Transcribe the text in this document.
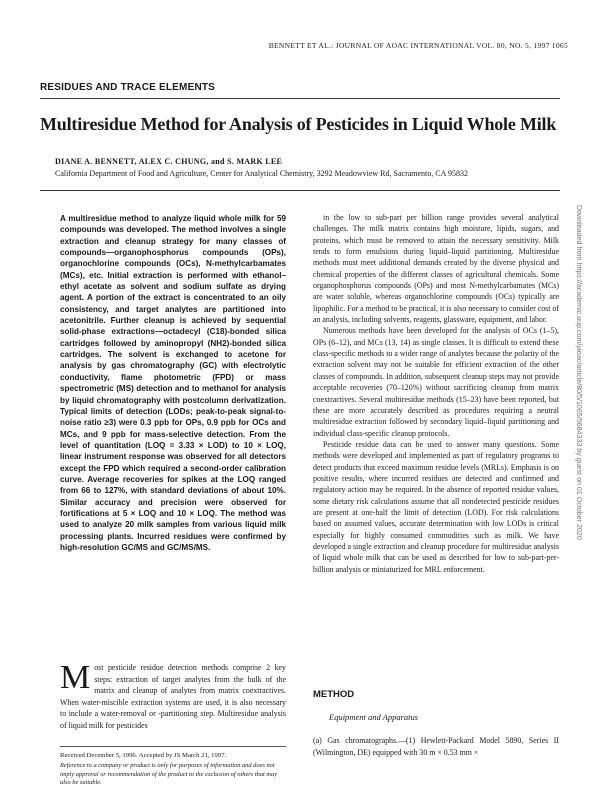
BENNETT ET AL.: JOURNAL OF AOAC INTERNATIONAL VOL. 80, NO. 5, 1997 1065
RESIDUES AND TRACE ELEMENTS
Multiresidue Method for Analysis of Pesticides in Liquid Whole Milk
DIANE A. BENNETT, ALEX C. CHUNG, and S. MARK LEE
California Department of Food and Agriculture, Center for Analytical Chemistry, 3292 Meadowview Rd, Sacramento, CA 95832

A multiresidue method to analyze liquid whole milk for 59 compounds was developed. The method involves a single extraction and cleanup strategy for many classes of compounds—organophosphorus compounds (OPs), organochlorine compounds (OCs), N-methylcarbamates (MCs), etc. Initial extraction is performed with ethanol–ethyl acetate as solvent and sodium sulfate as drying agent. A portion of the extract is concentrated to an oily consistency, and target analytes are partitioned into acetonitrile. Further cleanup is achieved by sequential solid-phase extractions—octadecyl (C18)-bonded silica cartridges followed by aminopropyl (NH2)-bonded silica cartridges. The solvent is exchanged to acetone for analysis by gas chromatography (GC) with electrolytic conductivity, flame photometric (FPD) or mass spectrometric (MS) detection and to methanol for analysis by liquid chromatography with postcolumn derivatization. Typical limits of detection (LODs; peak-to-peak signal-to-noise ratio ≥3) were 0.3 ppb for OPs, 0.9 ppb for OCs and MCs, and 9 ppb for mass-selective detection. From the level of quantitation (LOQ = 3.33 × LOD) to 10 × LOQ, linear instrument response was observed for all detectors except the FPD which required a second-order calibration curve. Average recoveries for spikes at the LOQ ranged from 66 to 127%, with standard deviations of about 10%. Similar accuracy and precision were observed for fortifications at 5 × LOQ and 10 × LOQ. The method was used to analyze 20 milk samples from various liquid milk processing plants. Incurred residues were confirmed by high-resolution GC/MS and GC/MS/MS.

Most pesticide residue detection methods comprise 2 key steps: extraction of target analytes from the bulk of the matrix and cleanup of analytes from matrix coextractives. When water-miscible extraction systems are used, it is also necessary to include a water-removal or -partitioning step. Multiresidue analysis of liquid milk for pesticides

Received December 5, 1996. Accepted by JS March 21, 1997.

Reference to a company or product is only for purposes of information and does not imply approval or recommendation of the product to the exclusion of others that may also be suitable.

in the low to sub-part per billion range provides several analytical challenges. The milk matrix contains high moisture, lipids, sugars, and proteins, which must be removed to attain the necessary sensitivity. Milk tends to form emulsions during liquid–liquid partitioning. Multiresidue methods must meet additional demands created by the diverse physical and chemical properties of the different classes of agricultural chemicals. Some organophosphorus compounds (OPs) and most N-methylcarbamates (MCs) are water soluble, whereas organochlorine compounds (OCs) typically are lipophilic. For a method to be practical, it is also necessary to consider cost of an analysis, including solvents, reagents, glassware, equipment, and labor.

Numerous methods have been developed for the analysis of OCs (1–5), OPs (6–12), and MCs (13, 14) as single classes. It is difficult to extend these class-specific methods to a wider range of analytes because the polarity of the extraction solvent may not be suitable for efficient extraction of the other classes of compounds. In addition, subsequent cleanup steps may not provide acceptable recoveries (70–120%) without sacrificing cleanup from matrix coextractives. Several multiresidue methods (15–23) have been reported, but these are more accurately described as procedures requiring a neutral multiresidue extraction followed by secondary liquid–liquid partitioning and individual class-specific cleanup protocols.

Pesticide residue data can be used to answer many questions. Some methods were developed and implemented as part of regulatory programs to detect products that exceed maximum residue levels (MRLs). Emphasis is on positive results, where incurred residues are detected and confirmed and regulatory action may be required. In the absence of reported residue values, some dietary risk calculations assume that all nondetected pesticide residues are present at one-half the limit of detection (LOD). For risk calculations based on assumed values, accurate determination with low LODs is critical especially for highly consumed commodities such as milk. We have developed a single extraction and cleanup procedure for multiresidue analysis of liquid whole milk that can be used as described for low to sub-part-per-billion analysis or miniaturized for MRL enforcement.

METHOD
Equipment and Apparatus

(a) Gas chromatographs.—(1) Hewlett-Packard Model 5890, Series II (Wilmington, DE) equipped with 30 m × 0.53 mm ×

Downloaded from https://academic.oup.com/jaoac/article/80/5/1065/5684333 by guest on 01 October 2020
